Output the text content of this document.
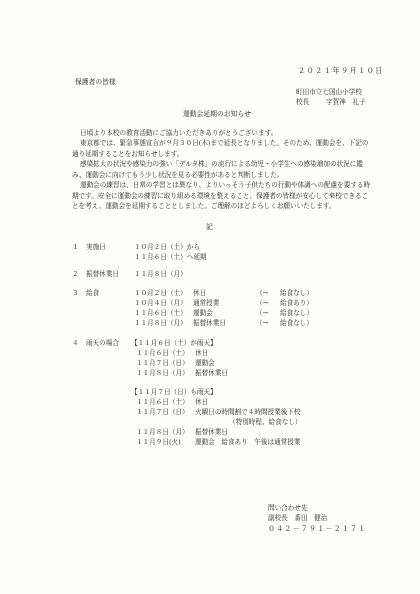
２０２１年９月１０日
保護者の皆様
町田市立七国山小学校
校長	宇賀神　礼子
運動会延期のお知らせ
日頃より本校の教育活動にご協力いただきありがとうございます。
東京都では、緊急事態宣言が９月３０日(木)まで延長となりました。そのため、運動会を、下記の通り延期することをお知らせします。
感染拡大の状況や感染力の強い「デルタ株」の流行による幼児・小学生への感染増加の状況に鑑み、運動会に向けてもう少し状況を見る必要性があると判断しました。
運動会の練習は、日常の学習とは異なり、よりいっそう子供たちの行動や体調への配慮を要する時期です。安全に運動会の練習に取り組める環境を整えること、保護者の皆様が安心して来校できることを考え、運動会を延期することとしました。ご理解のほどよろしくお願いいたします。
記
１ 実施日	１０月２日（土）から
１１月６日（土）へ延期
２ 振替休業日 １１月８日（月）
３ 給食	１０月２日（土） 休日	（→ 給食なし）
１０月４日（月） 通常授業	（→ 給食あり）
１１月６日（土） 運動会	（→ 給食なし）
１１月８日（月） 振替休業日	（→ 給食なし）
４ 雨天の場合 【１１月６日（土）が雨天】
１１月６日（土） 休日
１１月７日（日） 運動会
１１月８日（月） 振替休業日
【１１月７日（日）も雨天】
１１月６日（土） 休日
１１月７日（日） 火曜日の時間割で４時間授業後下校
（特別時程、給食なし）
１１月８日（月） 振替休業日
１１月９日(火) 運動会　給食あり　午後は通常授業
問い合わせ先
副校長　番田　健治
０４２－７９１－２１７１
